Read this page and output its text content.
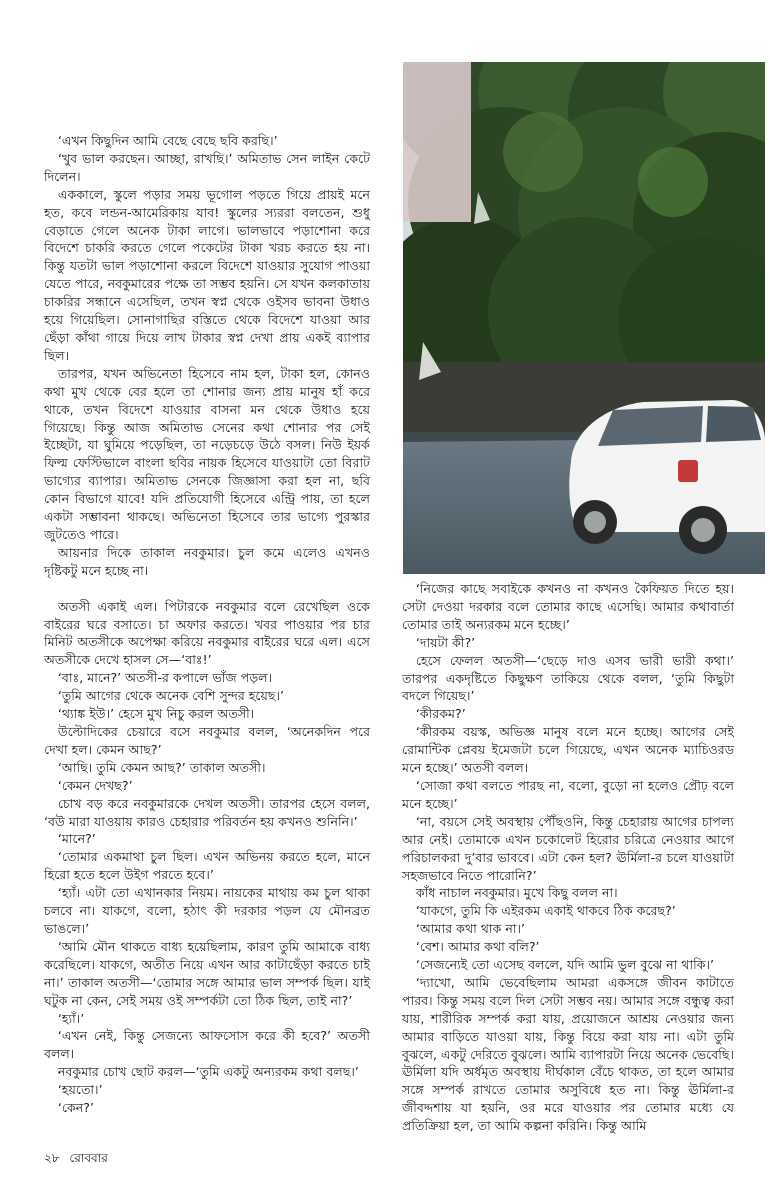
‘এখন কিছুদিন আমি বেছে বেছে ছবি করছি।’

‘খুব ভাল করছেন। আচ্ছা, রাখছি।’ অমিতাভ সেন লাইন কেটে দিলেন।

এককালে, স্কুলে পড়ার সময় ভূগোল পড়তে গিয়ে প্রায়ই মনে হত, কবে লন্ডন-আমেরিকায় যাব! স্কুলের স্যররা বলতেন, শুধু বেড়াতে গেলে অনেক টাকা লাগে। ভালভাবে পড়াশোনা করে বিদেশে চাকরি করতে গেলে পকেটের টাকা খরচ করতে হয় না। কিন্তু যতটা ভাল পড়াশোনা করলে বিদেশে যাওয়ার সুযোগ পাওয়া যেতে পারে, নবকুমারের পক্ষে তা সম্ভব হয়নি। সে যখন কলকাতায় চাকরির সন্ধানে এসেছিল, তখন স্বপ্ন থেকে ওইসব ভাবনা উধাও হয়ে গিয়েছিল। সোনাগাছির বস্তিতে থেকে বিদেশে যাওয়া আর ছেঁড়া কাঁথা গায়ে দিয়ে লাখ টাকার স্বপ্ন দেখা প্রায় একই ব্যাপার ছিল।

তারপর, যখন অভিনেতা হিসেবে নাম হল, টাকা হল, কোনও কথা মুখ থেকে বের হলে তা শোনার জন্য প্রায় মানুষ হাঁ করে থাকে, তখন বিদেশে যাওয়ার বাসনা মন থেকে উধাও হয়ে গিয়েছে। কিন্তু আজ অমিতাভ সেনের কথা শোনার পর সেই ইচ্ছেটা, যা ঘুমিয়ে পড়েছিল, তা নড়েচড়ে উঠে বসল। নিউ ইয়র্ক ফিল্ম ফেস্টিভালে বাংলা ছবির নায়ক হিসেবে যাওয়াটা তো বিরাট ভাগ্যের ব্যাপার। অমিতাভ সেনকে জিজ্ঞাসা করা হল না, ছবি কোন বিভাগে যাবে! যদি প্রতিযোগী হিসেবে এন্ট্রি পায়, তা হলে একটা সম্ভাবনা থাকছে। অভিনেতা হিসেবে তার ভাগ্যে পুরস্কার জুটতেও পারে।

আয়নার দিকে তাকাল নবকুমার। চুল কমে এলেও এখনও দৃষ্টিকটু মনে হচ্ছে না।

অতসী একাই এল। পিটারকে নবকুমার বলে রেখেছিল ওকে বাইরের ঘরে বসাতে। চা অফার করতে। খবর পাওয়ার পর চার মিনিট অতসীকে অপেক্ষা করিয়ে নবকুমার বাইরের ঘরে এল। এসে অতসীকে দেখে হাসল সে—‘বাঃ!’

‘বাঃ, মানে?’ অতসী-র কপালে ভাঁজ পড়ল।

‘তুমি আগের থেকে অনেক বেশি সুন্দর হয়েছ।’

‘থ্যাঙ্ক ইউ।’ হেসে মুখ নিচু করল অতসী।

উল্টোদিকের চেয়ারে বসে নবকুমার বলল, ‘অনেকদিন পরে দেখা হল। কেমন আছ?’

‘আছি। তুমি কেমন আছ?’ তাকাল অতসী।

‘কেমন দেখছ?’

চোখ বড় করে নবকুমারকে দেখল অতসী। তারপর হেসে বলল, ‘বউ মারা যাওয়ায় কারও চেহারার পরিবর্তন হয় কখনও শুনিনি।’

‘মানে?’

‘তোমার একমাথা চুল ছিল। এখন অভিনয় করতে হলে, মানে হিরো হতে হলে উইগ পরতে হবে।’

‘হ্যাঁ। এটা তো এখানকার নিয়ম। নায়কের মাথায় কম চুল থাকা চলবে না। যাকগে, বলো, হঠাৎ কী দরকার পড়ল যে মৌনব্রত ভাঙলে।’

‘আমি মৌন থাকতে বাধ্য হয়েছিলাম, কারণ তুমি আমাকে বাধ্য করেছিলে। যাকগে, অতীত নিয়ে এখন আর কাটাছেঁড়া করতে চাই না।’ তাকাল অতসী—‘তোমার সঙ্গে আমার ভাল সম্পর্ক ছিল। যাই ঘটুক না কেন, সেই সময় ওই সম্পর্কটা তো ঠিক ছিল, তাই না?’

‘হ্যাঁ।’

‘এখন নেই, কিন্তু সেজন্যে আফসোস করে কী হবে?’ অতসী বলল।

নবকুমার চোখ ছোট করল—‘তুমি একটু অন্যরকম কথা বলছ।’

‘হয়তো।’

‘কেন?’

‘নিজের কাছে সবাইকে কখনও না কখনও কৈফিয়ত দিতে হয়। সেটা দেওয়া দরকার বলে তোমার কাছে এসেছি। আমার কথাবার্তা তোমার তাই অন্যরকম মনে হচ্ছে।’

‘দায়টা কী?’

হেসে ফেলল অতসী—‘ছেড়ে দাও এসব ভারী ভারী কথা।’ তারপর একদৃষ্টিতে কিছুক্ষণ তাকিয়ে থেকে বলল, ‘তুমি কিছুটা বদলে গিয়েছ।’

‘কীরকম?’

‘কীরকম বয়স্ক, অভিজ্ঞ মানুষ বলে মনে হচ্ছে। আগের সেই রোমান্টিক প্লেবয় ইমেজটা চলে গিয়েছে, এখন অনেক ম্যাচিওরড মনে হচ্ছে।’ অতসী বলল।

‘সোজা কথা বলতে পারছ না, বলো, বুড়ো না হলেও প্রৌঢ় বলে মনে হচ্ছে।’

‘না, বয়সে সেই অবস্থায় পৌঁছওনি, কিন্তু চেহারায় আগের চাপল্য আর নেই। তোমাকে এখন চকোলেট হিরোর চরিত্রে নেওয়ার আগে পরিচালকরা দু’বার ভাববে। এটা কেন হল? ঊর্মিলা-র চলে যাওয়াটা সহজভাবে নিতে পারোনি?’

কাঁধ নাচাল নবকুমার। মুখে কিছু বলল না।

‘যাকগে, তুমি কি এইরকম একাই থাকবে ঠিক করেছ?’

‘আমার কথা থাক না।’

‘বেশ। আমার কথা বলি?’

‘সেজন্যেই তো এসেছ বললে, যদি আমি ভুল বুঝে না থাকি।’

‘দ্যাখো, আমি ভেবেছিলাম আমরা একসঙ্গে জীবন কাটাতে পারব। কিন্তু সময় বলে দিল সেটা সম্ভব নয়। আমার সঙ্গে বন্ধুত্ব করা যায়, শারীরিক সম্পর্ক করা যায়, প্রয়োজনে আশ্রয় নেওয়ার জন্য আমার বাড়িতে যাওয়া যায়, কিন্তু বিয়ে করা যায় না। এটা তুমি বুঝলে, একটু দেরিতে বুঝলে। আমি ব্যাপারটা নিয়ে অনেক ভেবেছি। ঊর্মিলা যদি অর্ধমৃত অবস্থায় দীর্ঘকাল বেঁচে থাকত, তা হলে আমার সঙ্গে সম্পর্ক রাখতে তোমার অসুবিধে হত না। কিন্তু ঊর্মিলা-র জীবদ্দশায় যা হয়নি, ওর মরে যাওয়ার পর তোমার মধ্যে যে প্রতিক্রিয়া হল, তা আমি কল্পনা করিনি। কিন্তু আমি

২৮ রোববার
